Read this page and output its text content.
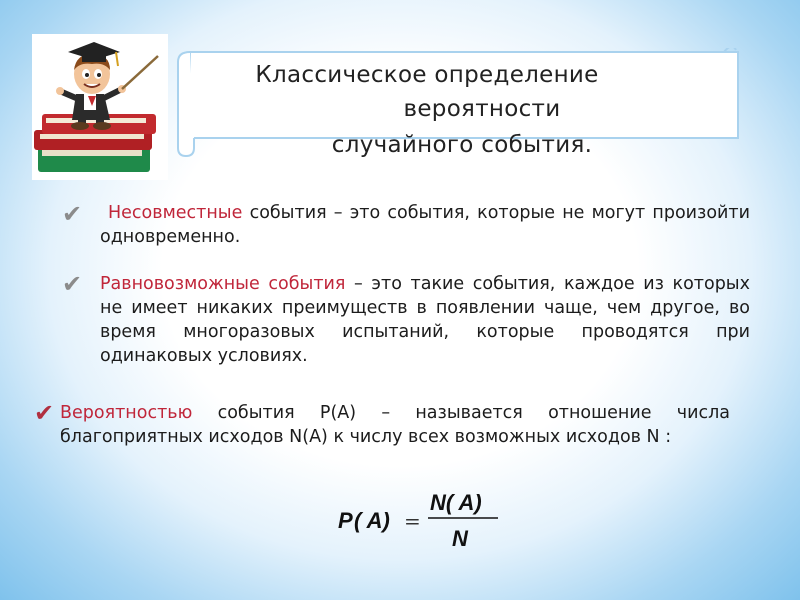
Классическое определение
вероятности
случайного события.
✔	Несовместные события – это события, которые не могут произойти одновременно.
✔ Равновозможные события – это такие события, каждое из которых не имеет никаких преимуществ в появлении чаще, чем другое, во время многоразовых испытаний, которые проводятся при одинаковых условиях.
✔ Вероятностью события Р(А) – называется отношение числа благоприятных исходов N(A) к числу всех возможных исходов N :
P ( A)
N( A)
N
=
